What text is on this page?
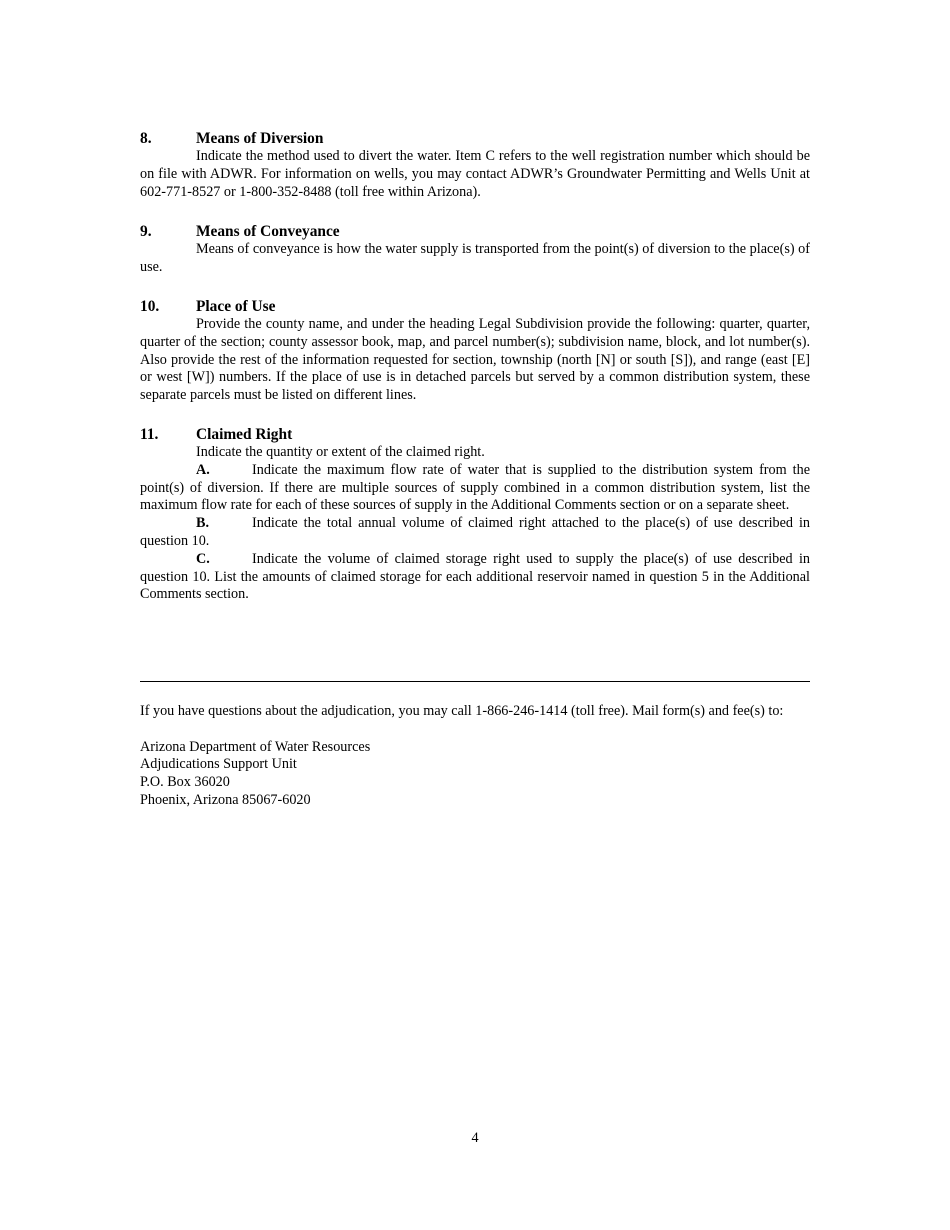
8.	Means of Diversion

Indicate the method used to divert the water. Item C refers to the well registration number which should be on file with ADWR. For information on wells, you may contact ADWR’s Groundwater Permitting and Wells Unit at 602-771-8527 or 1-800-352-8488 (toll free within Arizona).

9.	Means of Conveyance

Means of conveyance is how the water supply is transported from the point(s) of diversion to the place(s) of use.

10. Place of Use

Provide the county name, and under the heading Legal Subdivision provide the following: quarter, quarter, quarter of the section; county assessor book, map, and parcel number(s); subdivision name, block, and lot number(s). Also provide the rest of the information requested for section, township (north [N] or south [S]), and range (east [E] or west [W]) numbers. If the place of use is in detached parcels but served by a common distribution system, these separate parcels must be listed on different lines.

11. Claimed Right

Indicate the quantity or extent of the claimed right.

A.	Indicate the maximum flow rate of water that is supplied to the distribution system from the point(s) of diversion. If there are multiple sources of supply combined in a common distribution system, list the maximum flow rate for each of these sources of supply in the Additional Comments section or on a separate sheet.

B.	Indicate the total annual volume of claimed right attached to the place(s) of use described in question 10.

C.	Indicate the volume of claimed storage right used to supply the place(s) of use described in question 10. List the amounts of claimed storage for each additional reservoir named in question 5 in the Additional Comments section.

If you have questions about the adjudication, you may call 1-866-246-1414 (toll free). Mail form(s) and fee(s) to:

Arizona Department of Water Resources
Adjudications Support Unit
P.O. Box 36020
Phoenix, Arizona 85067-6020
4
